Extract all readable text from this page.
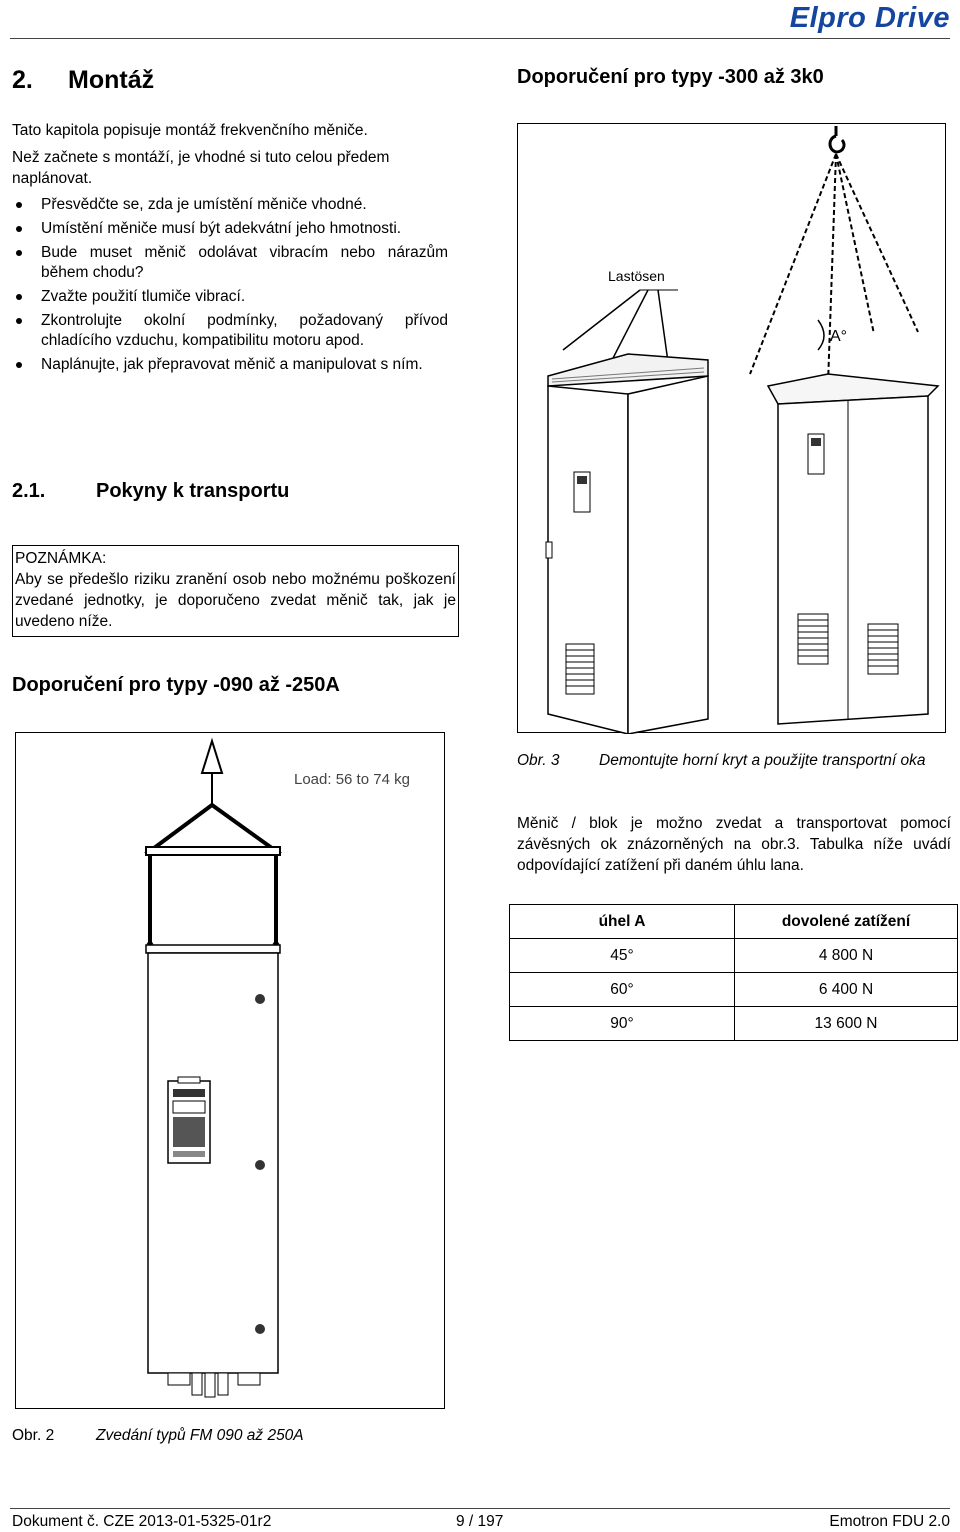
Elpro Drive
2. Montáž	Doporučení pro typy -300 až 3k0
Tato kapitola popisuje montáž frekvenčního měniče.
Než začnete s montáží, je vhodné si tuto celou předem naplánovat.
Přesvědčte se, zda je umístění měniče vhodné.
Umístění měniče musí být adekvátní jeho hmotnosti.
Bude muset měnič odolávat vibracím nebo nárazům během chodu?
Zvažte použití tlumiče vibrací.
Zkontrolujte okolní podmínky, požadovaný přívod chladícího vzduchu, kompatibilitu motoru apod.
Naplánujte, jak přepravovat měnič a manipulovat s ním.
2.1.	Pokyny k transportu
POZNÁMKA:
Aby se předešlo riziku zranění osob nebo možnému poškození zvedané jednotky, je doporučeno zvedat měnič tak, jak je uvedeno níže.
Doporučení pro typy -090 až -250A
Load: 56 to 74 kg
Obr. 2	Zvedání typů FM 090 až 250A
Lastösen
A°
Obr. 3	Demontujte horní kryt a použijte transportní oka
Měnič / blok je možno zvedat a transportovat pomocí závěsných ok znázorněných na obr.3. Tabulka níže uvádí odpovídající zatížení při daném úhlu lana.
úhel A	dovolené zatížení
45°	4 800 N
60°	6 400 N
90°	13 600 N
Dokument č. CZE 2013-01-5325-01r2	9 / 197	Emotron FDU 2.0
